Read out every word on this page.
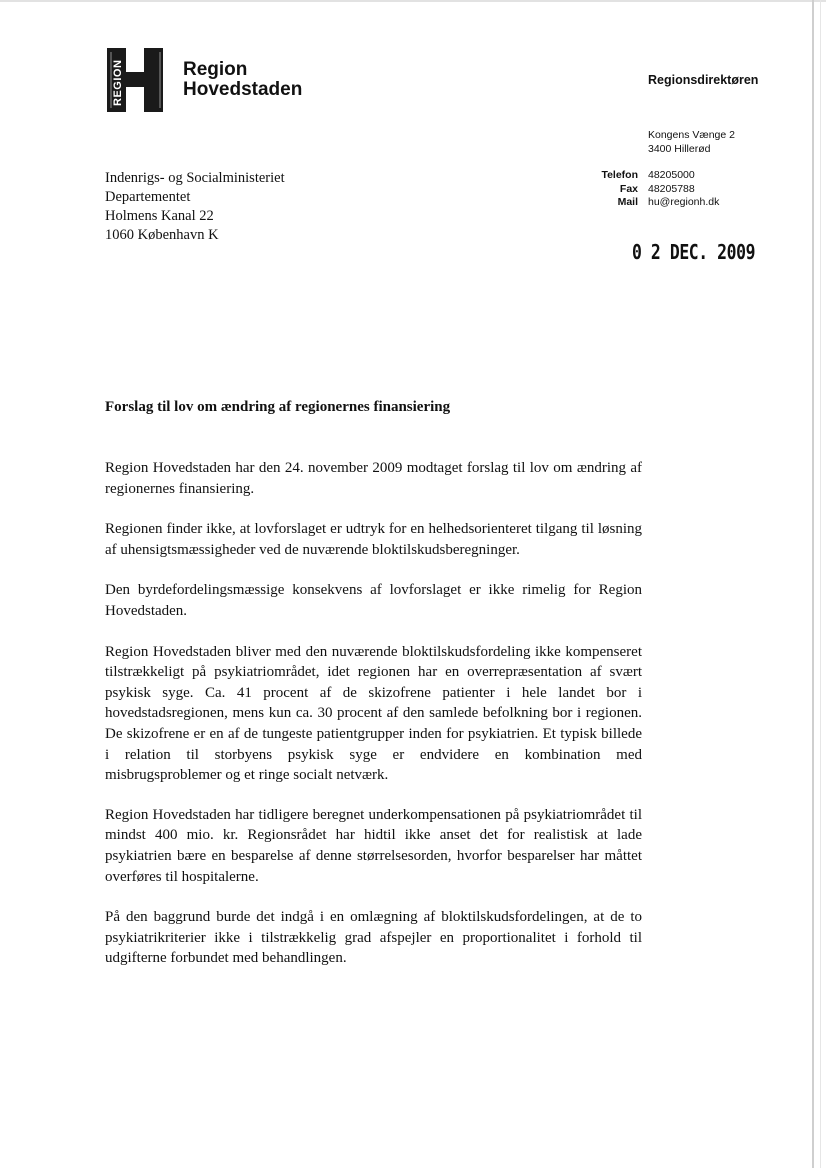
REGION	Region
Hovedstaden	Regionsdirektøren
Kongens Vænge 2
3400 Hillerød
Telefon 48205000
Fax 48205788
Mail hu@regionh.dk
Indenrigs- og Socialministeriet
Departementet
Holmens Kanal 22
1060 København K
0 2 DEC. 2009
Forslag til lov om ændring af regionernes finansiering

Region Hovedstaden har den 24. november 2009 modtaget forslag til lov om ændring af regionernes finansiering.

Regionen finder ikke, at lovforslaget er udtryk for en helhedsorienteret tilgang til løsning af uhensigtsmæssigheder ved de nuværende bloktilskudsberegninger.

Den byrdefordelingsmæssige konsekvens af lovforslaget er ikke rimelig for Region Hovedstaden.

Region Hovedstaden bliver med den nuværende bloktilskudsfordeling ikke kompenseret tilstrækkeligt på psykiatriområdet, idet regionen har en overrepræsentation af svært psykisk syge. Ca. 41 procent af de skizofrene patienter i hele landet bor i hovedstadsregionen, mens kun ca. 30 procent af den samlede befolkning bor i regionen. De skizofrene er en af de tungeste patientgrupper inden for psykiatrien. Et typisk billede i relation til storbyens psykisk syge er endvidere en kombination med misbrugsproblemer og et ringe socialt netværk.

Region Hovedstaden har tidligere beregnet underkompensationen på psykiatriområdet til mindst 400 mio. kr. Regionsrådet har hidtil ikke anset det for realistisk at lade psykiatrien bære en besparelse af denne størrelsesorden, hvorfor besparelser har måttet overføres til hospitalerne.

På den baggrund burde det indgå i en omlægning af bloktilskudsfordelingen, at de to psykiatrikriterier ikke i tilstrækkelig grad afspejler en proportionalitet i forhold til udgifterne forbundet med behandlingen.
